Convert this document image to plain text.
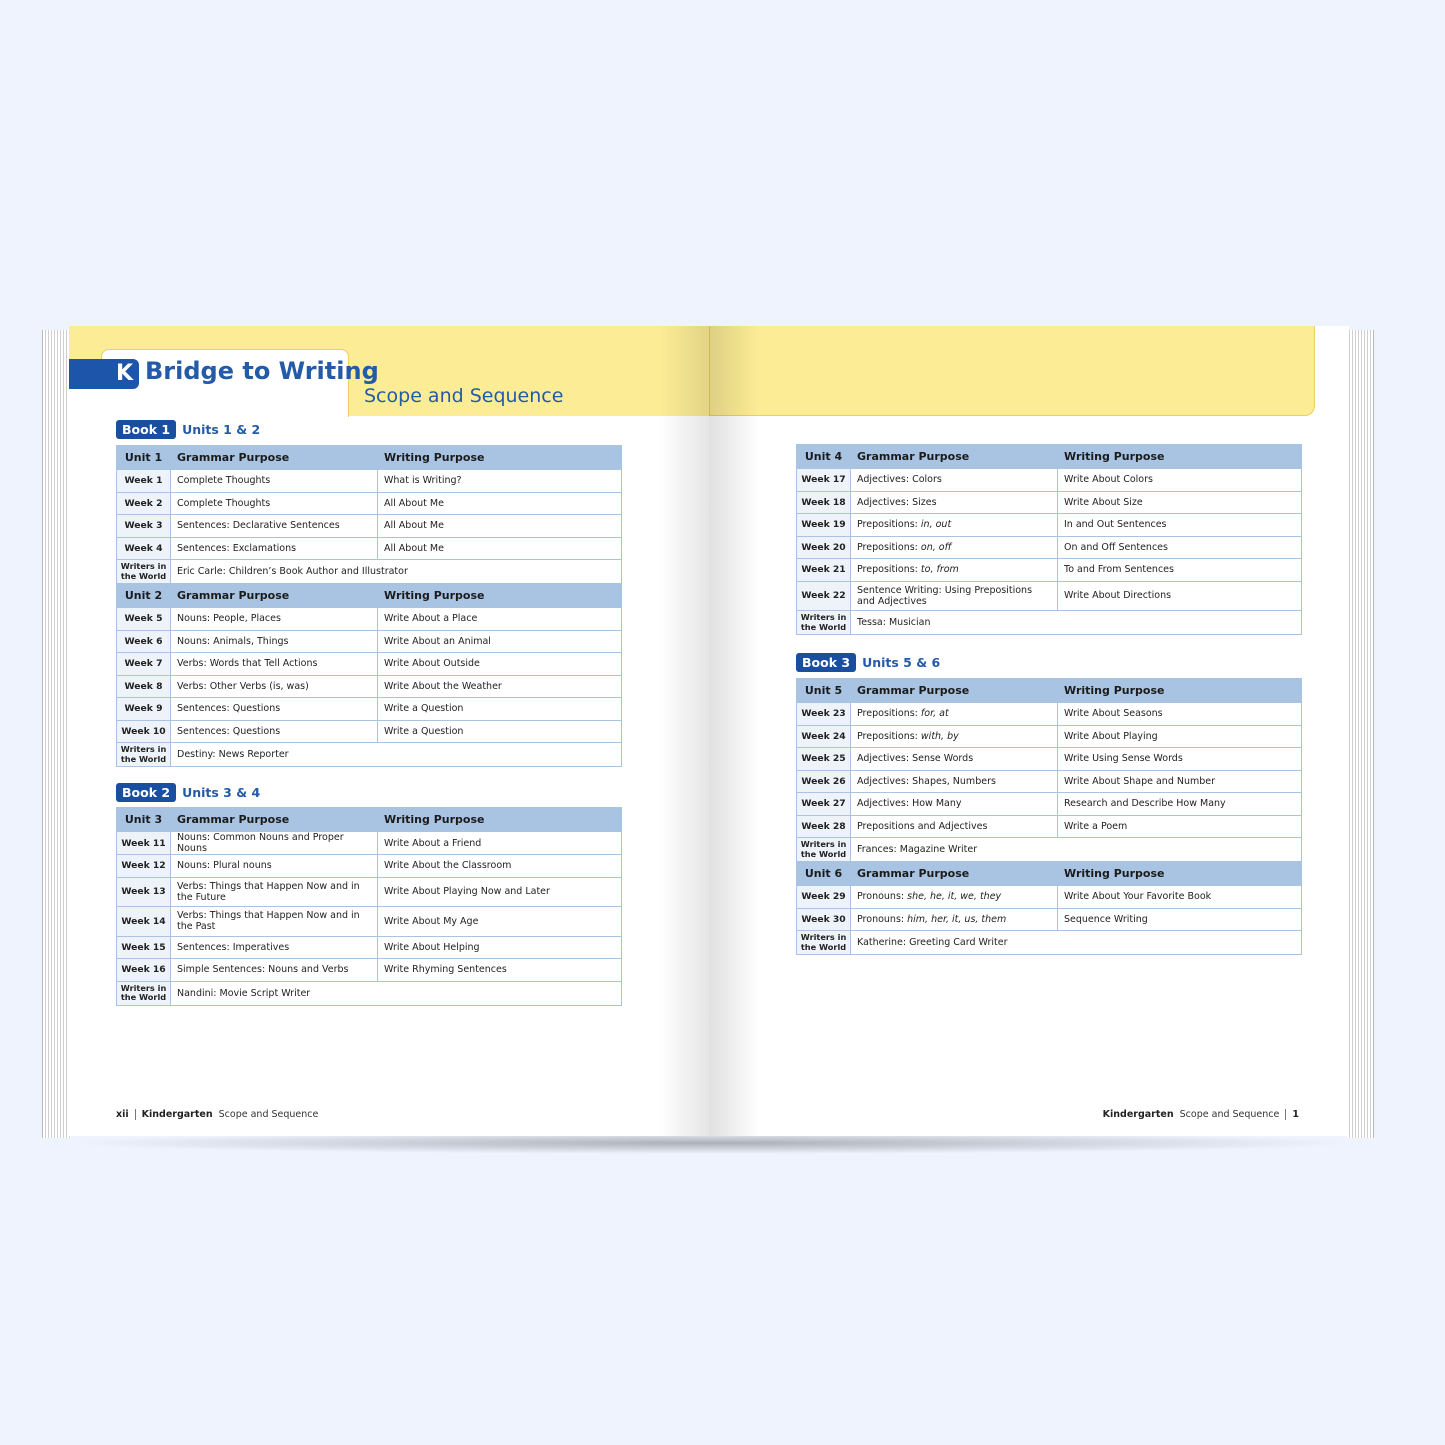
K Bridge to Writing
Scope and Sequence
Book 1 Units 1 & 2
Unit 1	Grammar Purpose	Writing Purpose
Week 1	Complete Thoughts	What is Writing?
Week 2	Complete Thoughts	All About Me
Week 3	Sentences: Declarative Sentences	All About Me
Week 4	Sentences: Exclamations	All About Me
Writers in the World	Eric Carle: Children’s Book Author and Illustrator	
Unit 2	Grammar Purpose	Writing Purpose
Week 5	Nouns: People, Places	Write About a Place
Week 6	Nouns: Animals, Things	Write About an Animal
Week 7	Verbs: Words that Tell Actions	Write About Outside
Week 8	Verbs: Other Verbs (is, was)	Write About the Weather
Week 9	Sentences: Questions	Write a Question
Week 10	Sentences: Questions	Write a Question
Writers in the World	Destiny: News Reporter	
Book 2 Units 3 & 4
Unit 3	Grammar Purpose	Writing Purpose
Week 11	Nouns: Common Nouns and Proper Nouns	Write About a Friend
Week 12	Nouns: Plural nouns	Write About the Classroom
Week 13	Verbs: Things that Happen Now and in the Future	Write About Playing Now and Later
Week 14	Verbs: Things that Happen Now and in the Past	Write About My Age
Week 15	Sentences: Imperatives	Write About Helping
Week 16	Simple Sentences: Nouns and Verbs	Write Rhyming Sentences
Writers in the World	Nandini: Movie Script Writer	
xii Kindergarten Scope and Sequence
Unit 4	Grammar Purpose	Writing Purpose
Week 17	Adjectives: Colors	Write About Colors
Week 18	Adjectives: Sizes	Write About Size
Week 19	Prepositions: in, out	In and Out Sentences
Week 20	Prepositions: on, off	On and Off Sentences
Week 21	Prepositions: to, from	To and From Sentences
Week 22	Sentence Writing: Using Prepositions and Adjectives	Write About Directions
Writers in the World	Tessa: Musician	
Book 3 Units 5 & 6
Unit 5	Grammar Purpose	Writing Purpose
Week 23	Prepositions: for, at	Write About Seasons
Week 24	Prepositions: with, by	Write About Playing
Week 25	Adjectives: Sense Words	Write Using Sense Words
Week 26	Adjectives: Shapes, Numbers	Write About Shape and Number
Week 27	Adjectives: How Many	Research and Describe How Many
Week 28	Prepositions and Adjectives	Write a Poem
Writers in the World	Frances: Magazine Writer	
Unit 6	Grammar Purpose	Writing Purpose
Week 29	Pronouns: she, he, it, we, they	Write About Your Favorite Book
Week 30	Pronouns: him, her, it, us, them	Sequence Writing
Writers in the World	Katherine: Greeting Card Writer	
Kindergarten Scope and Sequence 1
